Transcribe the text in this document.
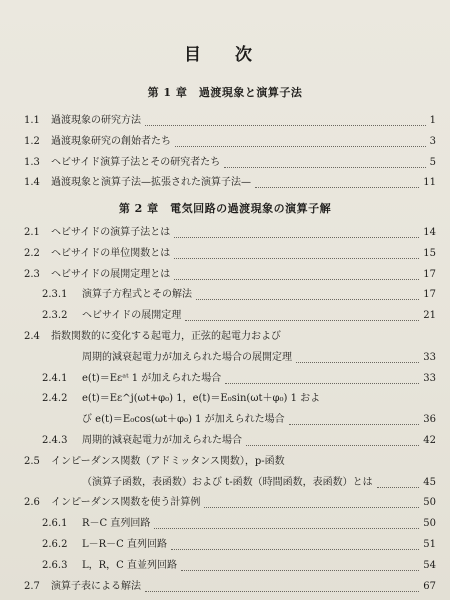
目 次
第 1 章　過渡現象と演算子法
1.1 過渡現象の研究方法	1
1.2 過渡現象研究の創始者たち	3
1.3 ヘビサイド演算子法とその研究者たち	5
1.4 過渡現象と演算子法—拡張された演算子法—	11
第 2 章　電気回路の過渡現象の演算子解
2.1 ヘビサイドの演算子法とは	14
2.2 ヘビサイドの単位関数とは	15
2.3 ヘビサイドの展開定理とは	17
2.3.1 演算子方程式とその解法	17
2.3.2 ヘビサイドの展開定理	21
2.4 指数関数的に変化する起電力，正弦的起電力および
周期的減衰起電力が加えられた場合の展開定理	33
2.4.1 e(t)＝Eεᵃᵗ 1 が加えられた場合	33
2.4.2 e(t)＝Eε^j(ωt+φ₀) 1，e(t)＝E₀sin(ωt＋φ₀) 1 およ
び e(t)＝E₀cos(ωt＋φ₀) 1 が加えられた場合	36
2.4.3 周期的減衰起電力が加えられた場合	42
2.5 インピーダンス関数（アドミッタンス関数），p-函数
（演算子函数，表函数）および t-函数（時間函数，表函数）とは	45
2.6 インピーダンス関数を使う計算例	50
2.6.1 R－C 直列回路	50
2.6.2 L－R－C 直列回路	51
2.6.3 L，R，C 直並列回路	54
2.7 演算子表による解法	67
